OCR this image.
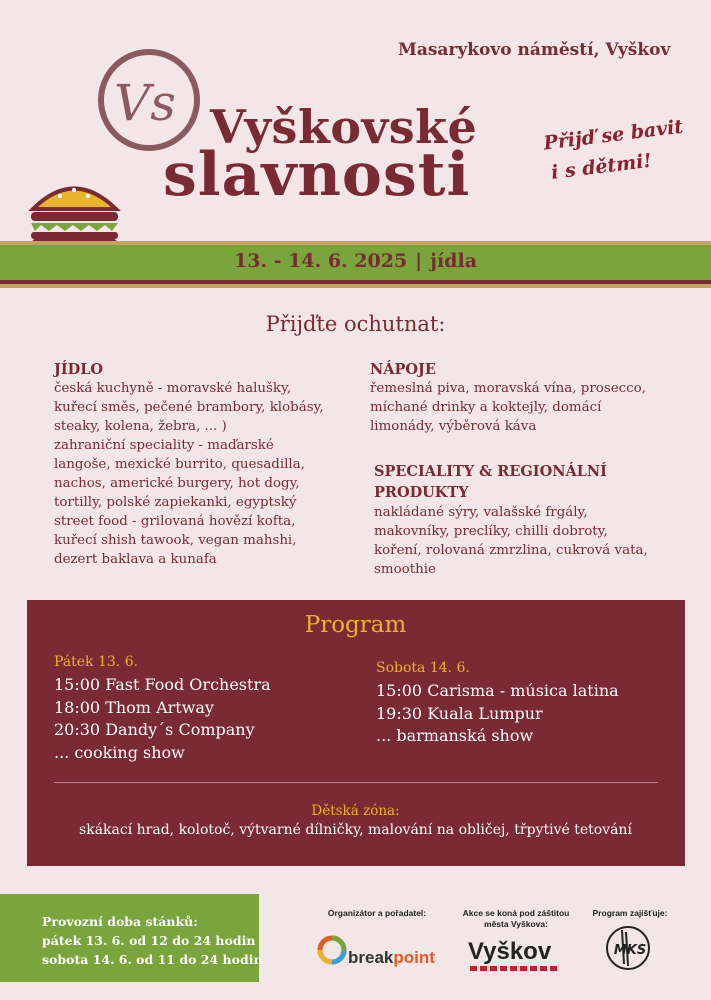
Masarykovo náměstí, Vyškov
Vs Vyškovské
slavnosti
Přijď se bavit
i s dětmi!
13. - 14. 6. 2025 | jídla
Přijďte ochutnat:
JÍDLO

česká kuchyně - moravské halušky,

kuřecí směs, pečené brambory, klobásy,

steaky, kolena, žebra, ... )

zahraniční speciality - maďarské

langoše, mexické burrito, quesadilla,

nachos, americké burgery, hot dogy,

tortilly, polské zapiekanki, egyptský

street food - grilovaná hovězí kofta,

kuřecí shish tawook, vegan mahshi,

dezert baklava a kunafa

NÁPOJE

řemeslná piva, moravská vína, prosecco,

míchané drinky a koktejly, domácí

limonády, výběrová káva

SPECIALITY & REGIONÁLNÍ
PRODUKTY

nakládané sýry, valašské frgály,

makovníky, preclíky, chilli dobroty,

koření, rolovaná zmrzlina, cukrová vata,

smoothie

Program
Pátek 13. 6.
15:00 Fast Food Orchestra
18:00 Thom Artway
20:30 Dandy´s Company
... cooking show
Sobota 14. 6.
15:00 Carisma - música latina
19:30 Kuala Lumpur
... barmanská show
Dětská zóna:
skákací hrad, kolotoč, výtvarné dílničky, malování na obličej, třpytivé tetování
Provozní doba stánků:
pátek 13. 6. od 12 do 24 hodin
sobota 14. 6. od 11 do 24 hodin
Organizátor a pořadatel:
breakpoint
Akce se koná pod záštitou
města Vyškova:
Vyškov
Program zajišťuje:
MKS
